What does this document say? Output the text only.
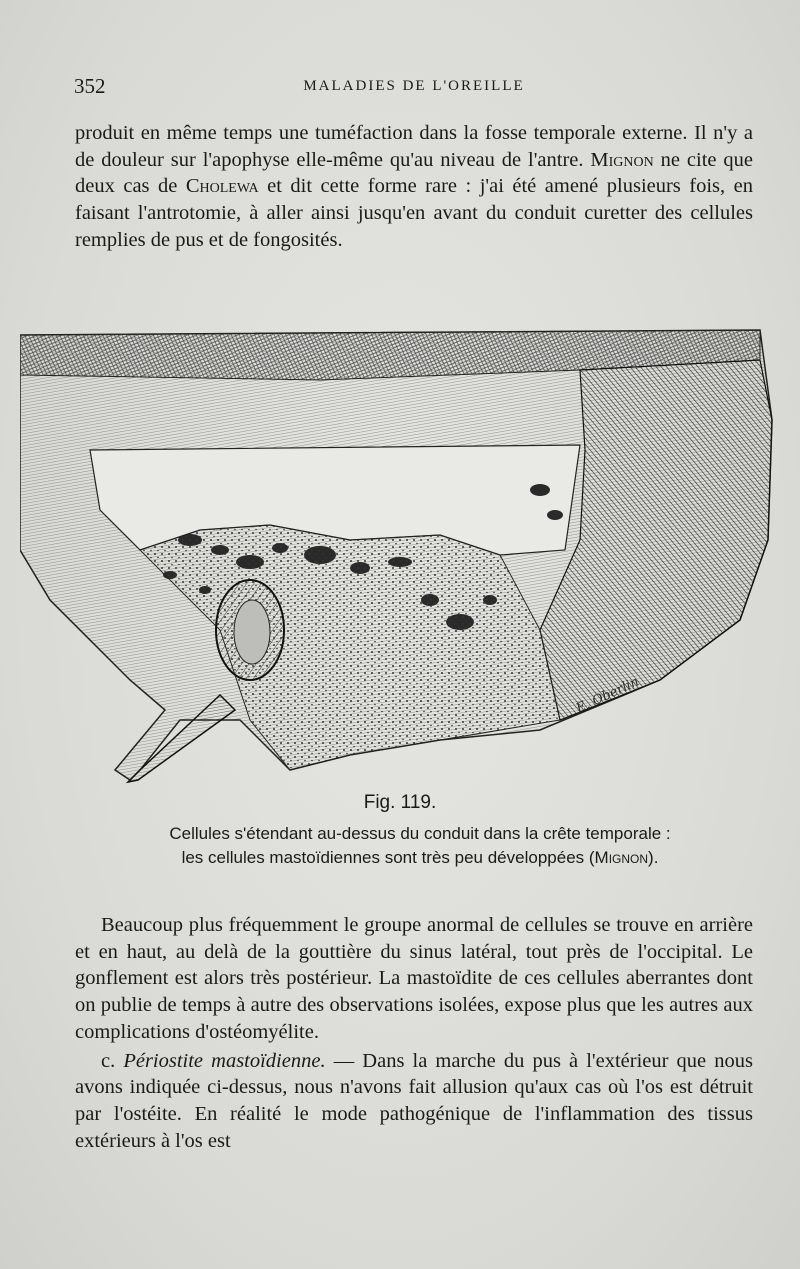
352	MALADIES DE L'OREILLE

produit en même temps une tuméfaction dans la fosse temporale externe. Il n'y a de douleur sur l'apophyse elle-même qu'au niveau de l'antre. Mignon ne cite que deux cas de Cholewa et dit cette forme rare : j'ai été amené plusieurs fois, en faisant l'antrotomie, à aller ainsi jusqu'en avant du conduit curetter des cellules remplies de pus et de fongosités.

E. Oberlin
Fig. 119.

Cellules s'étendant au-dessus du conduit dans la crête temporale :

les cellules mastoïdiennes sont très peu développées (Mignon).

Beaucoup plus fréquemment le groupe anormal de cellules se trouve en arrière et en haut, au delà de la gouttière du sinus latéral, tout près de l'occipital. Le gonflement est alors très postérieur. La mastoïdite de ces cellules aberrantes dont on publie de temps à autre des observations isolées, expose plus que les autres aux complications d'ostéomyélite.

c. Périostite mastoïdienne. — Dans la marche du pus à l'extérieur que nous avons indiquée ci-dessus, nous n'avons fait allusion qu'aux cas où l'os est détruit par l'ostéite. En réalité le mode pathogénique de l'inflammation des tissus extérieurs à l'os est
